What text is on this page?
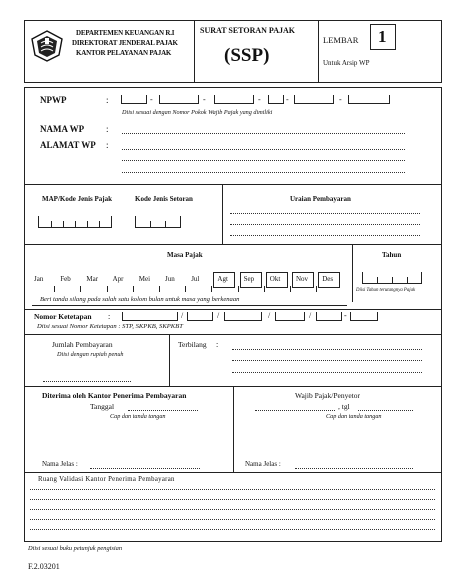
DEPARTEMEN KEUANGAN R.I
DIREKTORAT JENDERAL PAJAK
KANTOR PELAYANAN PAJAK
SURAT SETORAN PAJAK
(SSP)
LEMBAR 1
Untuk Arsip WP
NPWP	:	-	-	-	-	-
Diisi sesuai dengan Nomor Pokok Wajib Pajak yang dimiliki
NAMA WP :
ALAMAT WP :
MAP/Kode Jenis Pajak	Kode Jenis Setoran	Uraian Pembayaran
Masa Pajak	Tahun
Jan Feb Mar Apr Mei Jun Jul	Agt Sep Okt Nov Des
Beri tanda silang pada salah satu kolom bulan untuk masa yang berkenaan
Diisi Tahun terutangnya Pajak
Nomor Ketetapan :	/	/	/	/	-
Diisi sesuai Nomor Ketetapan : STP, SKPKB, SKPKBT
Jumlah Pembayaran
Diisi dengan rupiah penuh
Terbilang :
Diterima oleh Kantor Penerima Pembayaran
Tanggal
Cap dan tanda tangan
Nama Jelas :
Wajib Pajak/Penyetor
, tgl
Cap dan tanda tangan
Nama Jelas :
Ruang Validasi Kantor Penerima Pembayaran
Diisi sesuai buku petunjuk pengisian
F.2.03201
